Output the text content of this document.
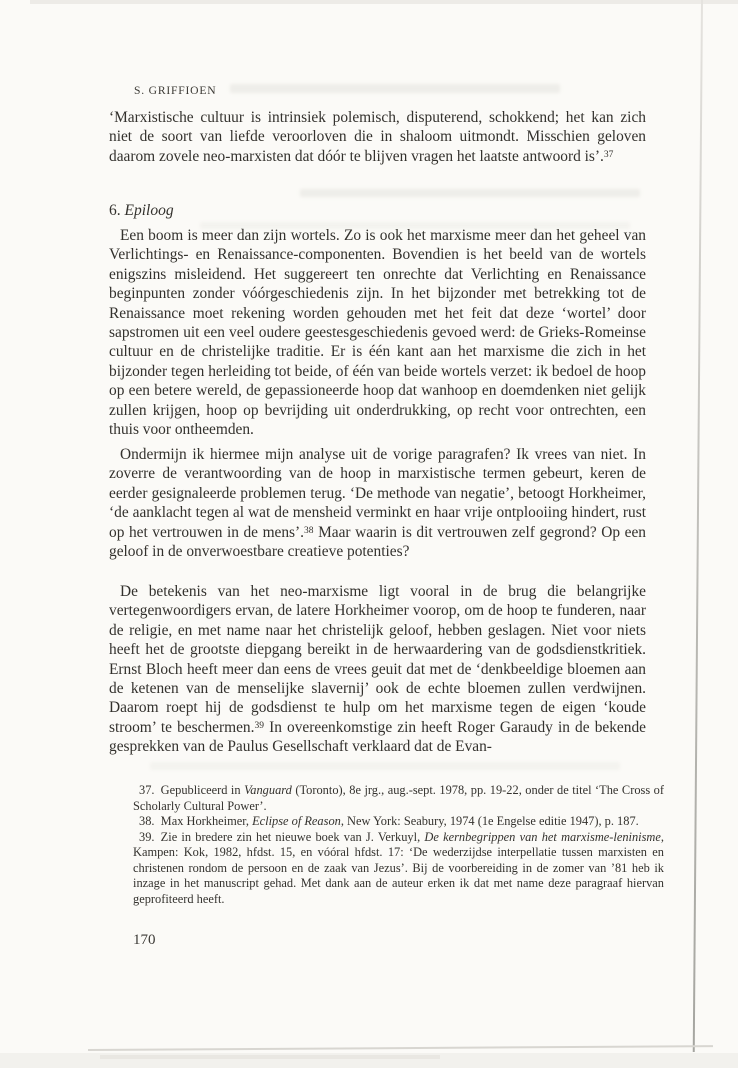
S. GRIFFIOEN
‘Marxistische cultuur is intrinsiek polemisch, disputerend, schokkend; het kan zich niet de soort van liefde veroorloven die in shaloom uitmondt. Misschien geloven daarom zovele neo-marxisten dat dóór te blijven vragen het laatste antwoord is’.$^{37}$
6. Epiloog
Een boom is meer dan zijn wortels. Zo is ook het marxisme meer dan het geheel van Verlichtings- en Renaissance-componenten. Bovendien is het beeld van de wortels enigszins misleidend. Het suggereert ten onrechte dat Verlichting en Renaissance beginpunten zonder vóórgeschiedenis zijn. In het bijzonder met betrekking tot de Renaissance moet rekening worden gehouden met het feit dat deze ‘wortel’ door sapstromen uit een veel oudere geestesgeschiedenis gevoed werd: de Grieks-Romeinse cultuur en de christelijke traditie. Er is één kant aan het marxisme die zich in het bijzonder tegen herleiding tot beide, of één van beide wortels verzet: ik bedoel de hoop op een betere wereld, de gepassioneerde hoop dat wanhoop en doemdenken niet gelijk zullen krijgen, hoop op bevrijding uit onderdrukking, op recht voor ontrechten, een thuis voor ontheemden.
Ondermijn ik hiermee mijn analyse uit de vorige paragrafen? Ik vrees van niet. In zoverre de verantwoording van de hoop in marxistische termen gebeurt, keren de eerder gesignaleerde problemen terug. ‘De methode van negatie’, betoogt Horkheimer, ‘de aanklacht tegen al wat de mensheid verminkt en haar vrije ontplooiing hindert, rust op het vertrouwen in de mens’.$^{38}$ Maar waarin is dit vertrouwen zelf gegrond? Op een geloof in de onverwoestbare creatieve potenties?
De betekenis van het neo-marxisme ligt vooral in de brug die belangrijke vertegenwoordigers ervan, de latere Horkheimer voorop, om de hoop te funderen, naar de religie, en met name naar het christelijk geloof, hebben geslagen. Niet voor niets heeft het de grootste diepgang bereikt in de herwaardering van de godsdienstkritiek. Ernst Bloch heeft meer dan eens de vrees geuit dat met de ‘denkbeeldige bloemen aan de ketenen van de menselijke slavernij’ ook de echte bloemen zullen verdwijnen. Daarom roept hij de godsdienst te hulp om het marxisme tegen de eigen ‘koude stroom’ te beschermen.$^{39}$ In overeenkomstige zin heeft Roger Garaudy in de bekende gesprekken van de Paulus Gesellschaft verklaard dat de Evan-

37. Gepubliceerd in Vanguard (Toronto), 8e jrg., aug.-sept. 1978, pp. 19-22, onder de titel ‘The Cross of Scholarly Cultural Power’.

38. Max Horkheimer, Eclipse of Reason, New York: Seabury, 1974 (1e Engelse editie 1947), p. 187.

39. Zie in bredere zin het nieuwe boek van J. Verkuyl, De kernbegrippen van het marxisme-leninisme, Kampen: Kok, 1982, hfdst. 15, en vóóral hfdst. 17: ‘De wederzijdse interpellatie tussen marxisten en christenen rondom de persoon en de zaak van Jezus’. Bij de voorbereiding in de zomer van ’81 heb ik inzage in het manuscript gehad. Met dank aan de auteur erken ik dat met name deze paragraaf hiervan geprofiteerd heeft.

170
